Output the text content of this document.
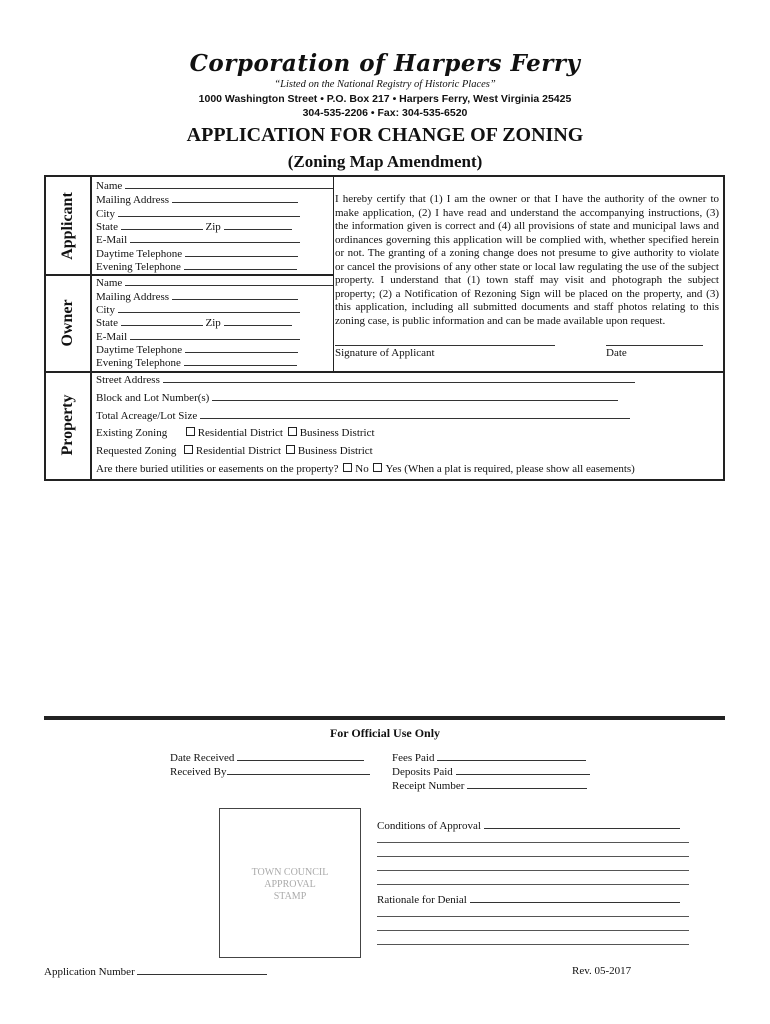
Corporation of Harpers Ferry
“Listed on the National Registry of Historic Places”
1000 Washington Street • P.O. Box 217 • Harpers Ferry, West Virginia 25425
304-535-2206 • Fax: 304-535-6520
APPLICATION FOR CHANGE OF ZONING
(Zoning Map Amendment)
Applicant
Owner
Property
Name
Mailing Address
City
State	Zip
E-Mail
Daytime Telephone
Evening Telephone
Name
Mailing Address
City
State	Zip
E-Mail
Daytime Telephone
Evening Telephone
I hereby certify that (1) I am the owner or that I have the authority of the owner to make application, (2) I have read and understand the accompanying instructions, (3) the information given is correct and (4) all provisions of state and municipal laws and ordinances governing this application will be complied with, whether specified herein or not. The granting of a zoning change does not presume to give authority to violate or cancel the provisions of any other state or local law regulating the use of the subject property. I understand that (1) town staff may visit and photograph the subject property; (2) a Notification of Rezoning Sign will be placed on the property, and (3) this application, including all submitted documents and staff photos relating to this zoning case, is public information and can be made available upon request.
Signature of Applicant	Date
Street Address
Block and Lot Number(s)
Total Acreage/Lot Size
Existing Zoning	Residential District Business District
Requested Zoning Residential District Business District
Are there buried utilities or easements on the property? No Yes (When a plat is required, please show all easements)
For Official Use Only
Date Received
Received By
Fees Paid
Deposits Paid
Receipt Number
TOWN COUNCIL
APPROVAL
STAMP
Conditions of Approval
Rationale for Denial
Application Number	Rev. 05-2017
